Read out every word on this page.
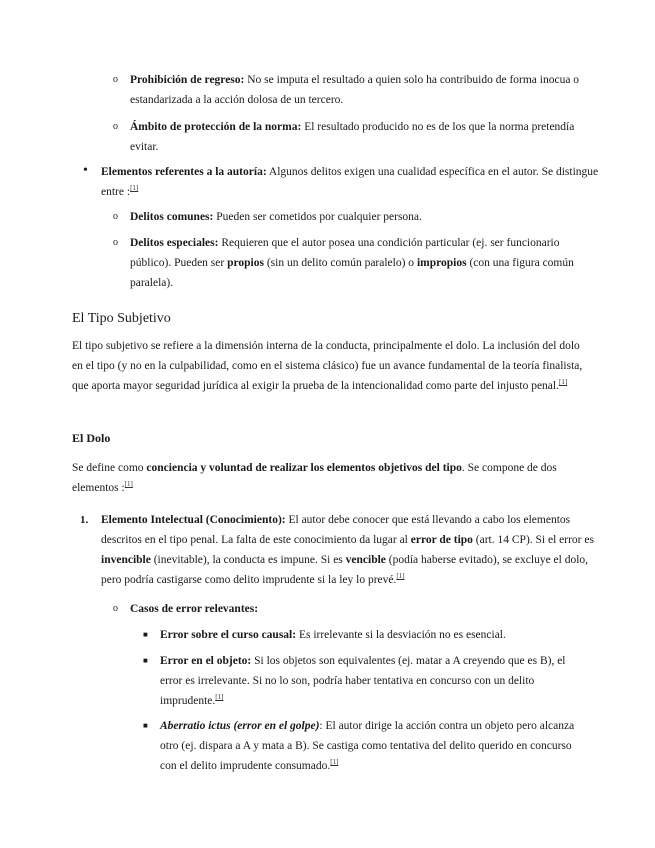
o Prohibición de regreso: No se imputa el resultado a quien solo ha contribuido de forma inocua o estandarizada a la acción dolosa de un tercero.
o Ámbito de protección de la norma: El resultado producido no es de los que la norma pretendía evitar.
• Elementos referentes a la autoría: Algunos delitos exigen una cualidad específica en el autor. Se distingue entre :[1]
o Delitos comunes: Pueden ser cometidos por cualquier persona.
o Delitos especiales: Requieren que el autor posea una condición particular (ej. ser funcionario público). Pueden ser propios (sin un delito común paralelo) o impropios (con una figura común paralela).
El Tipo Subjetivo
El tipo subjetivo se refiere a la dimensión interna de la conducta, principalmente el dolo. La inclusión del dolo en el tipo (y no en la culpabilidad, como en el sistema clásico) fue un avance fundamental de la teoría finalista, que aporta mayor seguridad jurídica al exigir la prueba de la intencionalidad como parte del injusto penal.[1]
El Dolo
Se define como conciencia y voluntad de realizar los elementos objetivos del tipo. Se compone de dos elementos :[1]
1. Elemento Intelectual (Conocimiento): El autor debe conocer que está llevando a cabo los elementos descritos en el tipo penal. La falta de este conocimiento da lugar al error de tipo (art. 14 CP). Si el error es invencible (inevitable), la conducta es impune. Si es vencible (podía haberse evitado), se excluye el dolo, pero podría castigarse como delito imprudente si la ley lo prevé.[1]
o Casos de error relevantes:
■ Error sobre el curso causal: Es irrelevante si la desviación no es esencial.
■ Error en el objeto: Si los objetos son equivalentes (ej. matar a A creyendo que es B), el error es irrelevante. Si no lo son, podría haber tentativa en concurso con un delito imprudente.[1]
■ Aberratio ictus (error en el golpe): El autor dirige la acción contra un objeto pero alcanza otro (ej. dispara a A y mata a B). Se castiga como tentativa del delito querido en concurso con el delito imprudente consumado.[1]
